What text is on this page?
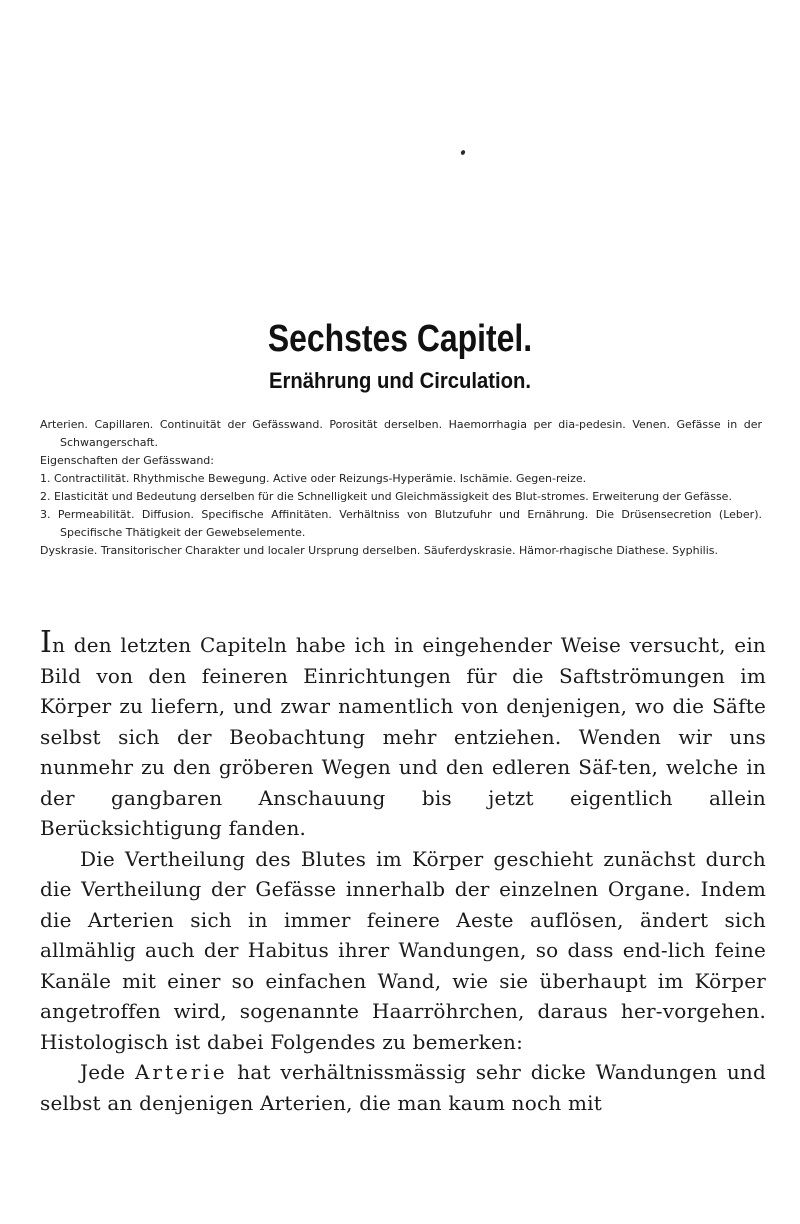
Sechstes Capitel.
Ernährung und Circulation.

Arterien. Capillaren. Continuität der Gefässwand. Porosität derselben. Haemorrhagia per dia-pedesin. Venen. Gefässe in der Schwangerschaft.

Eigenschaften der Gefässwand:

1. Contractilität. Rhythmische Bewegung. Active oder Reizungs-Hyperämie. Ischämie. Gegen-reize.

2. Elasticität und Bedeutung derselben für die Schnelligkeit und Gleichmässigkeit des Blut-stromes. Erweiterung der Gefässe.

3. Permeabilität. Diffusion. Specifische Affinitäten. Verhältniss von Blutzufuhr und Ernährung. Die Drüsensecretion (Leber). Specifische Thätigkeit der Gewebselemente.

Dyskrasie. Transitorischer Charakter und localer Ursprung derselben. Säuferdyskrasie. Hämor-rhagische Diathese. Syphilis.

In den letzten Capiteln habe ich in eingehender Weise versucht, ein Bild von den feineren Einrichtungen für die Saftströmungen im Körper zu liefern, und zwar namentlich von denjenigen, wo die Säfte selbst sich der Beobachtung mehr entziehen. Wenden wir uns nunmehr zu den gröberen Wegen und den edleren Säf-ten, welche in der gangbaren Anschauung bis jetzt eigentlich allein Berücksichtigung fanden.

Die Vertheilung des Blutes im Körper geschieht zunächst durch die Vertheilung der Gefässe innerhalb der einzelnen Organe. Indem die Arterien sich in immer feinere Aeste auflösen, ändert sich allmählig auch der Habitus ihrer Wandungen, so dass end-lich feine Kanäle mit einer so einfachen Wand, wie sie überhaupt im Körper angetroffen wird, sogenannte Haarröhrchen, daraus her-vorgehen. Histologisch ist dabei Folgendes zu bemerken:

Jede Arterie hat verhältnissmässig sehr dicke Wandungen und selbst an denjenigen Arterien, die man kaum noch mit
